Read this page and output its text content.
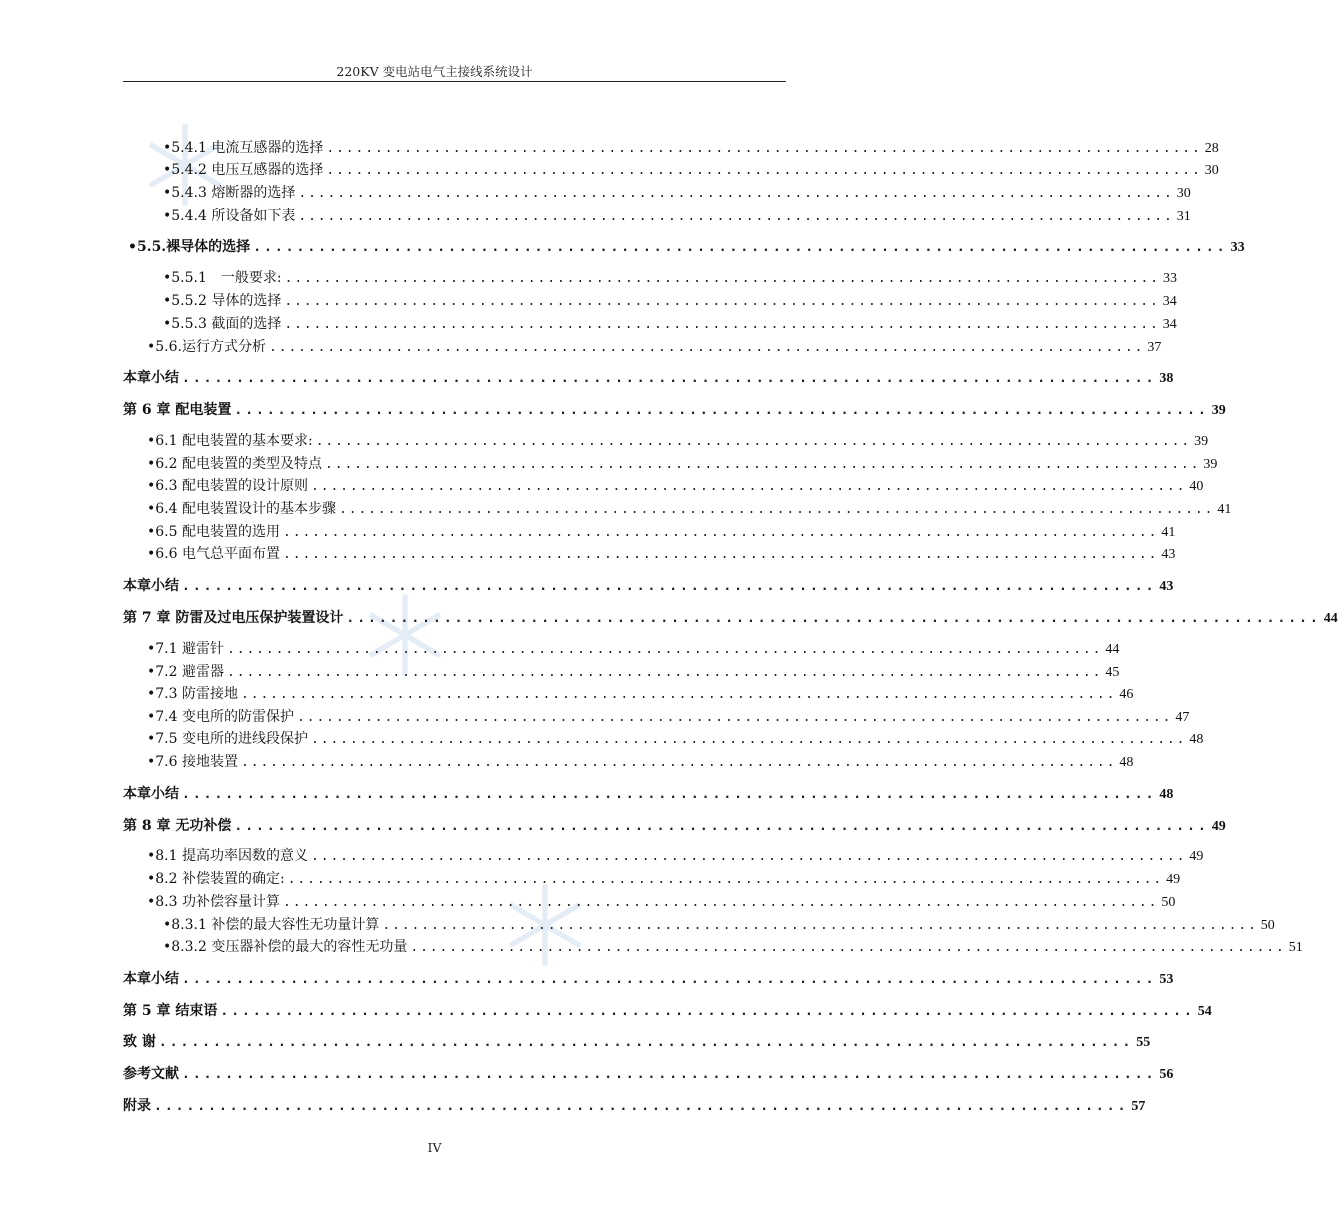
220KV 变电站电气主接线系统设计
•5.4.1 电流互感器的选择 .......................................................................................... 28
•5.4.2 电压互感器的选择 .......................................................................................... 30
•5.4.3 熔断器的选择 .......................................................................................... 30
•5.4.4 所设备如下表 .......................................................................................... 31
•5.5.裸导体的选择 .......................................................................................... 33
•5.5.1　一般要求: .......................................................................................... 33
•5.5.2 导体的选择 .......................................................................................... 34
•5.5.3 截面的选择 .......................................................................................... 34
•5.6.运行方式分析 .......................................................................................... 37
本章小结 .......................................................................................... 38
第 6 章 配电装置 .......................................................................................... 39
•6.1 配电装置的基本要求: .......................................................................................... 39
•6.2 配电装置的类型及特点 .......................................................................................... 39
•6.3 配电装置的设计原则 .......................................................................................... 40
•6.4 配电装置设计的基本步骤 .......................................................................................... 41
•6.5 配电装置的选用 .......................................................................................... 41
•6.6 电气总平面布置 .......................................................................................... 43
本章小结 .......................................................................................... 43
第 7 章 防雷及过电压保护装置设计 .......................................................................................... 44
•7.1 避雷针 .......................................................................................... 44
•7.2 避雷器 .......................................................................................... 45
•7.3 防雷接地 .......................................................................................... 46
•7.4 变电所的防雷保护 .......................................................................................... 47
•7.5 变电所的进线段保护 .......................................................................................... 48
•7.6 接地装置 .......................................................................................... 48
本章小结 .......................................................................................... 48
第 8 章 无功补偿 .......................................................................................... 49
•8.1 提高功率因数的意义 .......................................................................................... 49
•8.2 补偿装置的确定: .......................................................................................... 49
•8.3 功补偿容量计算 .......................................................................................... 50
•8.3.1 补偿的最大容性无功量计算 .......................................................................................... 50
•8.3.2 变压器补偿的最大的容性无功量 .......................................................................................... 51
本章小结 .......................................................................................... 53
第 5 章 结束语 .......................................................................................... 54
致 谢 .......................................................................................... 55
参考文献 .......................................................................................... 56
附录 .......................................................................................... 57
IV
